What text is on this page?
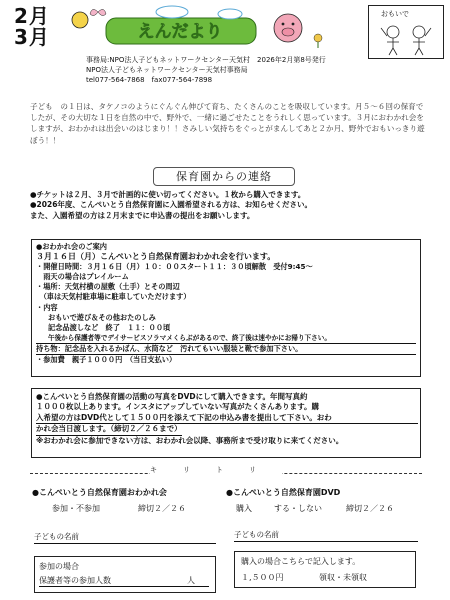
2月
3月	えんだより
おもいで
事務局:NPO法人子どもネットワークセンター天気村　2026年2月第8号発行
NPO法人子どもネットワークセンター天気村事務局
tel077-564-7868　fax077-564-7898
子ども　の１日は、タケノコのようにぐんぐん伸びて育ち、たくさんのことを吸収しています。月５～６回の保育でしたが、その大切な１日を自然の中で、野外で、一緒に過ごせたことをうれしく思っています。３月におわかれ会をしますが、おわかれは出会いのはじまり！！さみしい気持ちをぐっとがまんしてあと２か月、野外でおもいっきり遊ぼう！！
保育園からの連絡
●チケットは２月、３月で計画的に使い切ってください。１枚から購入できます。
●2026年度、こんぺいとう自然保育園に入園希望される方は、お知らせください。
また、入園希望の方は２月末までに申込書の提出をお願いします。
●おわかれ会のご案内
３月１６日（月）こんぺいとう自然保育園おわかれ会を行います。
・開催日時間：３月１６日（月）１０：００スタート１１：３０頃解散　受付9:45～
　雨天の場合はプレイルーム
・場所：天気村横の屋敷（土手）とその周辺
　（車は天気村駐車場に駐車していただけます）
・内容
おもいで遊び＆その他おたのしみ
記念品渡しなど　終了　１１：００頃
午後から保護者等でデイサービスソラマメくらぶがあるので、終了後は速やかにお帰り下さい。
持ち物：記念品を入れるかばん、水筒など　汚れてもいい服装と靴で参加下さい。
・参加費　親子１０００円　（当日支払い）
●こんぺいとう自然保育園の活動の写真をDVDにして購入できます。年間写真約
１０００枚以上あります。インスタにアップしていない写真がたくさんあります。購
入希望の方はDVD代として１５００円を添えて下記の申込み書を提出して下さい。おわ
かれ会当日渡します。（締切２／２６まで）
※おわかれ会に参加できない方は、おわかれ会以降、事務所まで受け取りに来てください。
キリトリ
●こんぺいとう自然保育園おわかれ会
参加・不参加	締切２／２６
子どもの名前
参加の場合
保護者等の参加人数	人
●こんぺいとう自然保育園DVD
購入	する・しない	締切２／２６
子どもの名前
購入の場合こちらで記入します。
１,５００円	領収・未領収
